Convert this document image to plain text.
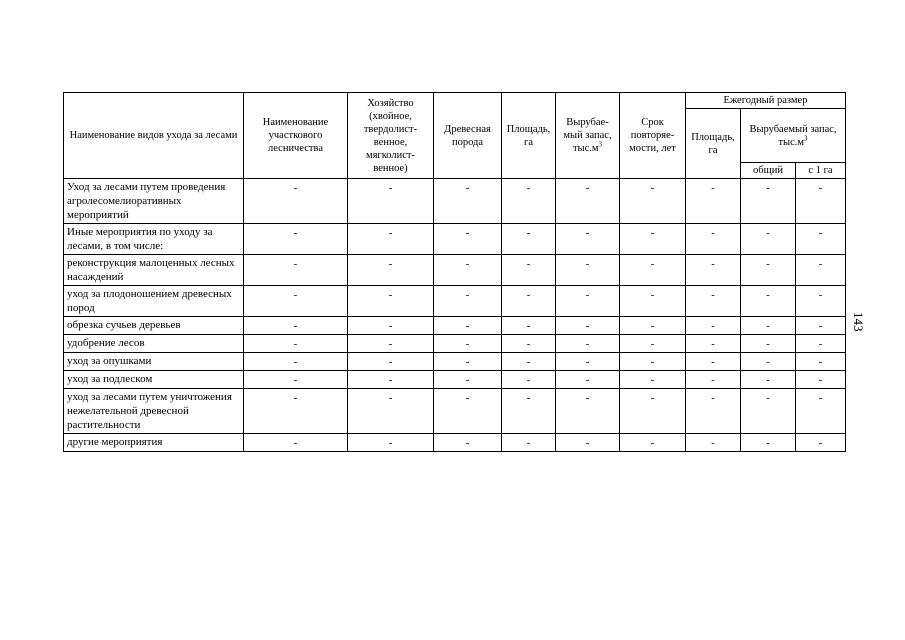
Наименование видов ухода за лесами	Наименование участкового лесничества	Хозяйство (хвойное, твердолист-венное, мягколист-венное)	Древесная порода	Площадь, га	Вырубае-мый запас, $тыс.м^3$	Срок повторяе-мости, лет	Ежегодный размер		
							Площадь, га	Вырубаемый запас, $тыс.м^3$
								общий	с 1 га
Уход за лесами путем проведения агролесомелиоративных мероприятий	-	-	-	-	-	-	-	-	-
Иные мероприятия по уходу за лесами, в том числе:	-	-	-	-	-	-	-	-	-
реконструкция малоценных лесных насаждений	-	-	-	-	-	-	-	-	-
уход за плодоношением древесных пород	-	-	-	-	-	-	-	-	-
обрезка сучьев деревьев	-	-	-	-	-	-	-	-	-
удобрение лесов	-	-	-	-	-	-	-	-	-
уход за опушками	-	-	-	-	-	-	-	-	-
уход за подлеском	-	-	-	-	-	-	-	-	-
уход за лесами путем уничтожения нежелательной древесной растительности	-	-	-	-	-	-	-	-	-
другие мероприятия	-	-	-	-	-	-	-	-	-
143
